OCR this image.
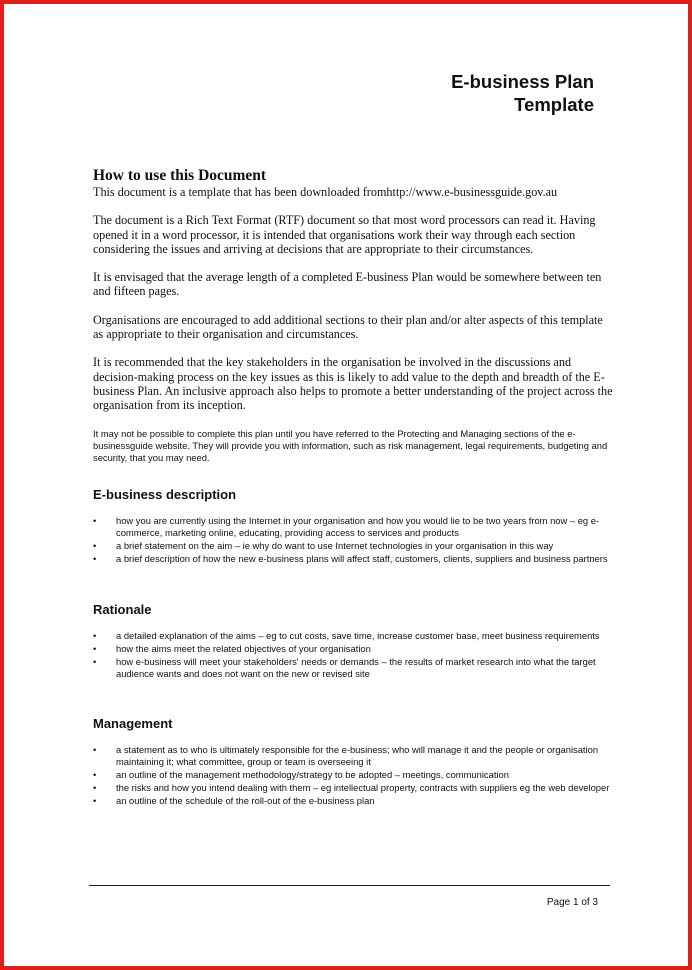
E-business Plan
Template
How to use this Document

This document is a template that has been downloaded fromhttp://www.e-businessguide.gov.au

The document is a Rich Text Format (RTF) document so that most word processors can read it. Having opened it in a word processor, it is intended that organisations work their way through each section considering the issues and arriving at decisions that are appropriate to their circumstances.

It is envisaged that the average length of a completed E-business Plan would be somewhere between ten and fifteen pages.

Organisations are encouraged to add additional sections to their plan and/or alter aspects of this template as appropriate to their organisation and circumstances.

It is recommended that the key stakeholders in the organisation be involved in the discussions and decision-making process on the key issues as this is likely to add value to the depth and breadth of the E-business Plan. An inclusive approach also helps to promote a better understanding of the project across the organisation from its inception.

It may not be possible to complete this plan until you have referred to the Protecting and Managing sections of the e-businessguide website. They will provide you with information, such as risk management, legal requirements, budgeting and security, that you may need.
E-business description
• how you are currently using the Internet in your organisation and how you would lie to be two years from now – eg e-commerce, marketing online, educating, providing access to services and products
• a brief statement on the aim – ie why do want to use Internet technologies in your organisation in this way
• a brief description of how the new e-business plans will affect staff, customers, clients, suppliers and business partners
Rationale
• a detailed explanation of the aims – eg to cut costs, save time, increase customer base, meet business requirements
• how the aims meet the related objectives of your organisation
• how e-business will meet your stakeholders' needs or demands – the results of market research into what the target audience wants and does not want on the new or revised site
Management
• a statement as to who is ultimately responsible for the e-business; who will manage it and the people or organisation maintaining it; what committee, group or team is overseeing it
• an outline of the management methodology/strategy to be adopted – meetings, communication
• the risks and how you intend dealing with them – eg intellectual property, contracts with suppliers eg the web developer
• an outline of the schedule of the roll-out of the e-business plan
Page 1 of 3
